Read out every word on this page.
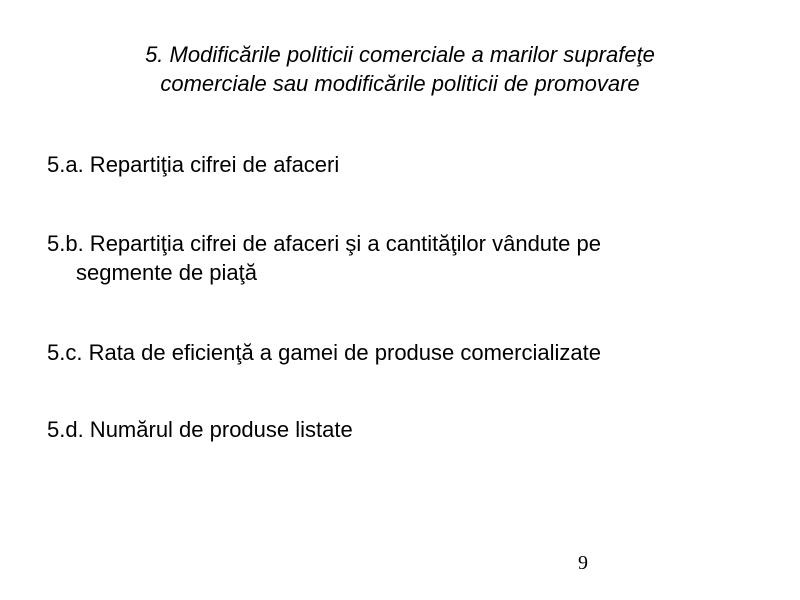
5. Modificările politicii comerciale a marilor suprafeţe
comerciale sau modificările politicii de promovare

5.a. Repartiţia cifrei de afaceri

5.b. Repartiţia cifrei de afaceri şi a cantităţilor vândute pe
segmente de piaţă

5.c. Rata de eficienţă a gamei de produse comercializate

5.d. Numărul de produse listate

9
